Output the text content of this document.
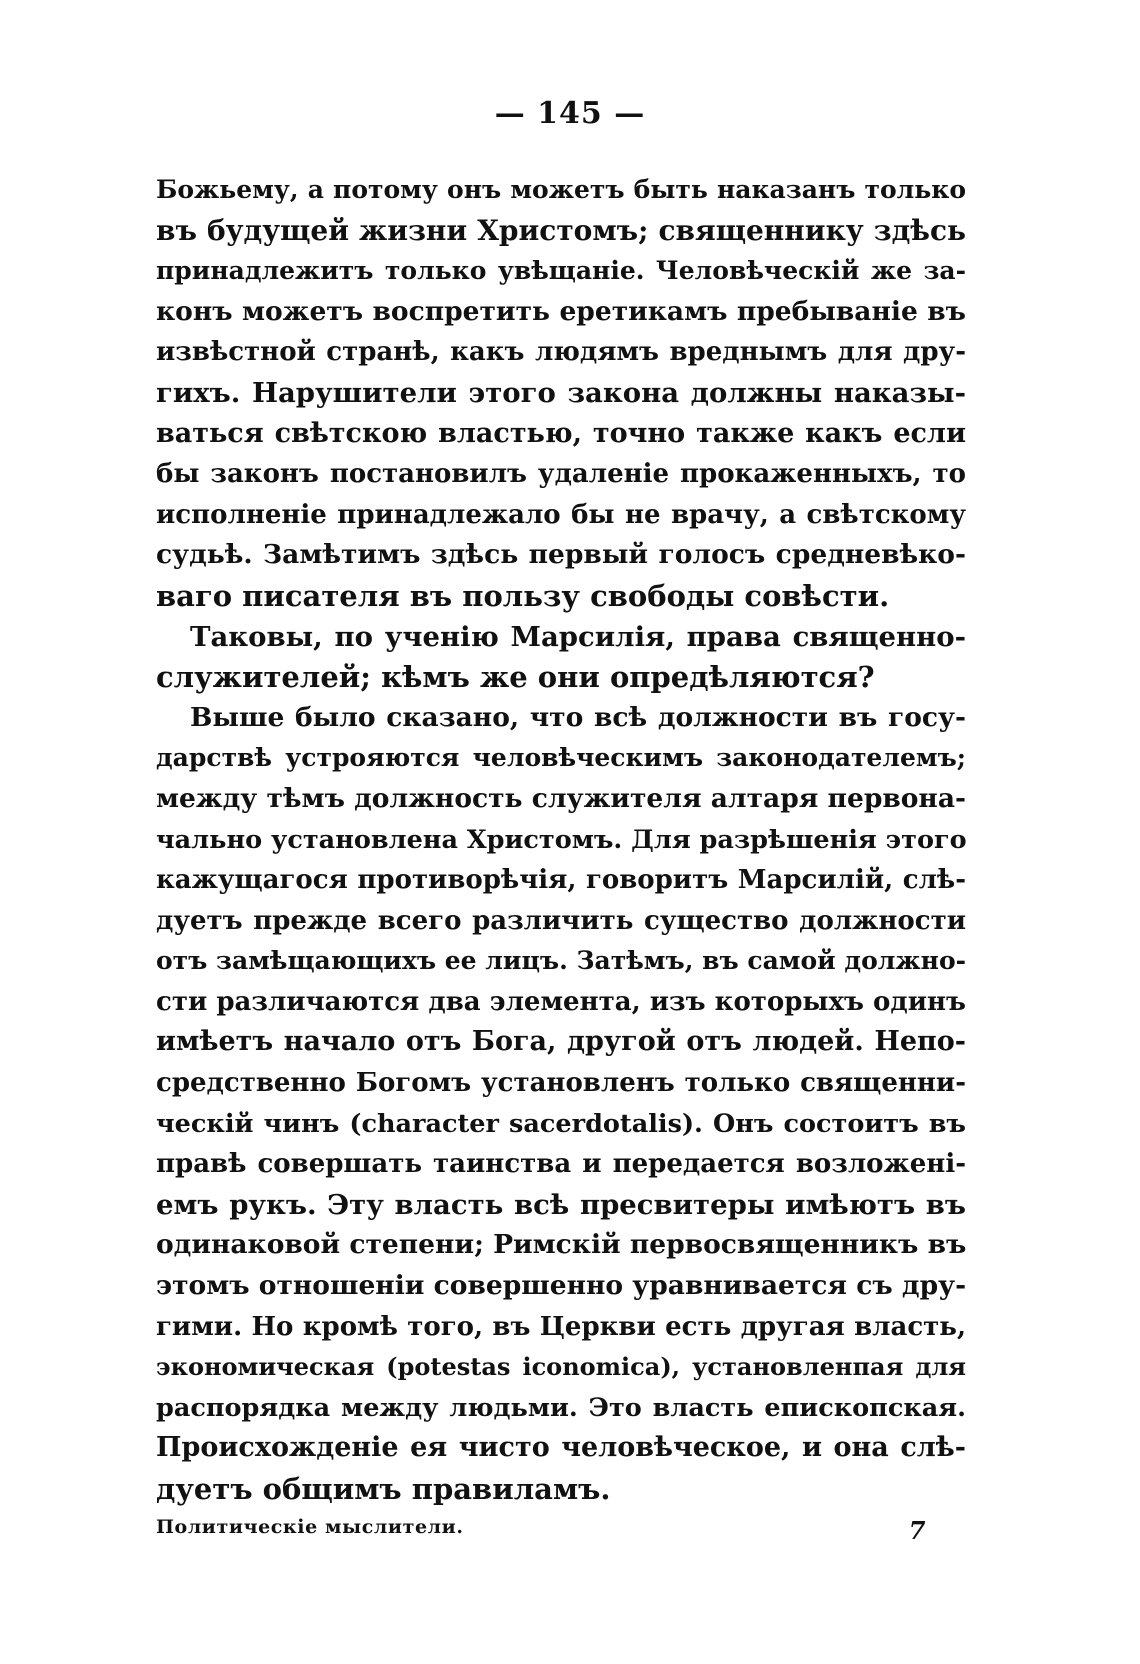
— 145 —
Божьему, а потому онъ можетъ быть наказанъ только
въ будущей жизни Христомъ; священнику здѣсь
принадлежитъ только увѣщаніе. Человѣческій же за-
конъ можетъ воспретить еретикамъ пребываніе въ
извѣстной странѣ, какъ людямъ вреднымъ для дру-
гихъ. Нарушители этого закона должны наказы-
ваться свѣтскою властью, точно также какъ если
бы законъ постановилъ удаленіе прокаженныхъ, то
исполненіе принадлежало бы не врачу, а свѣтскому
судьѣ. Замѣтимъ здѣсь первый голосъ средневѣко-
ваго писателя въ пользу свободы совѣсти.
Таковы, по ученію Марсилія, права священно-
служителей; кѣмъ же они опредѣляются?
Выше было сказано, что всѣ должности въ госу-
дарствѣ устрояются человѣческимъ законодателемъ;
между тѣмъ должность служителя алтаря первона-
чально установлена Христомъ. Для разрѣшенія этого
кажущагося противорѣчія, говоритъ Марсилій, слѣ-
дуетъ прежде всего различить существо должности
отъ замѣщающихъ ее лицъ. Затѣмъ, въ самой должно-
сти различаются два элемента, изъ которыхъ одинъ
имѣетъ начало отъ Бога, другой отъ людей. Непо-
средственно Богомъ установленъ только священни-
ческій чинъ (character sacerdotalis). Онъ состоитъ въ
правѣ совершать таинства и передается возложені-
емъ рукъ. Эту власть всѣ пресвитеры имѣютъ въ
одинаковой степени; Римскій первосвященникъ въ
этомъ отношеніи совершенно уравнивается съ дру-
гими. Но кромѣ того, въ Церкви есть другая власть,
экономическая (potestas iconomica), установленпая для
распорядка между людьми. Это власть епископская.
Происхожденіе ея чисто человѣческое, и она слѣ-
дуетъ общимъ правиламъ.
Политическіе мыслители.	7
